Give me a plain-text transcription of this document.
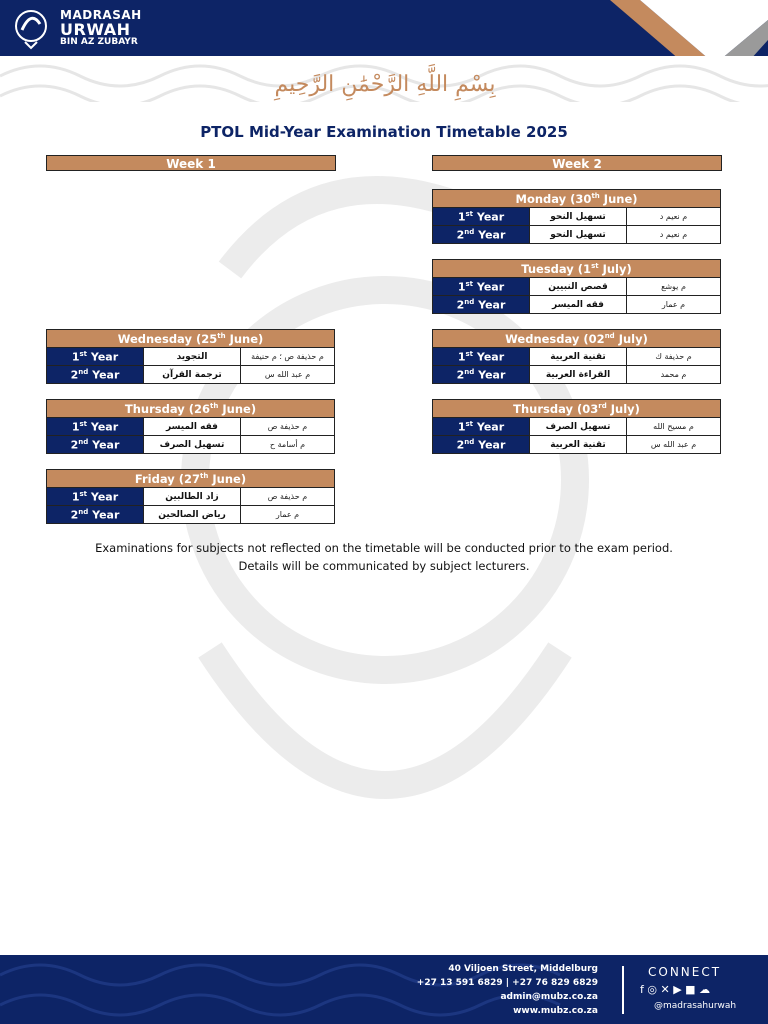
MADRASAH
URWAH
BIN AZ ZUBAYR
بِسْمِ اللَّهِ الرَّحْمَٰنِ الرَّحِيمِ
PTOL Mid-Year Examination Timetable 2025
Week 1	Week 2
Wednesday (25th June)		
1st Year	التجويد	م حذيفة ص ؛ م حنيفة
2nd Year	ترجمة القرآن	م عبد الله س
Thursday (26th June)		
1st Year	فقه الميسر	م حذيفة ص
2nd Year	تسهيل الصرف	م أسامة ح
Friday (27th June)		
1st Year	زاد الطالبين	م حذيفة ص
2nd Year	رياض الصالحين	م عمار
Monday (30th June)		
1st Year	تسهيل النحو	م نعيم د
2nd Year	تسهيل النحو	م نعيم د
Tuesday (1st July)		
1st Year	قصص النبيين	م يوشع
2nd Year	فقه الميسر	م عمار
Wednesday (02nd July)		
1st Year	تقنية العربية	م حذيفة ك
2nd Year	القراءة العربية	م محمد
Thursday (03rd July)		
1st Year	تسهيل الصرف	م مسيح الله
2nd Year	تقنية العربية	م عبد الله س
Examinations for subjects not reflected on the timetable will be conducted prior to the exam period.
Details will be communicated by subject lecturers.
40 Viljoen Street, Middelburg
+27 13 591 6829 | +27 76 829 6829
admin@mubz.co.za
www.mubz.co.za
CONNECT
f ◎ ✕ ▶ ■ ☁
@madrasahurwah
